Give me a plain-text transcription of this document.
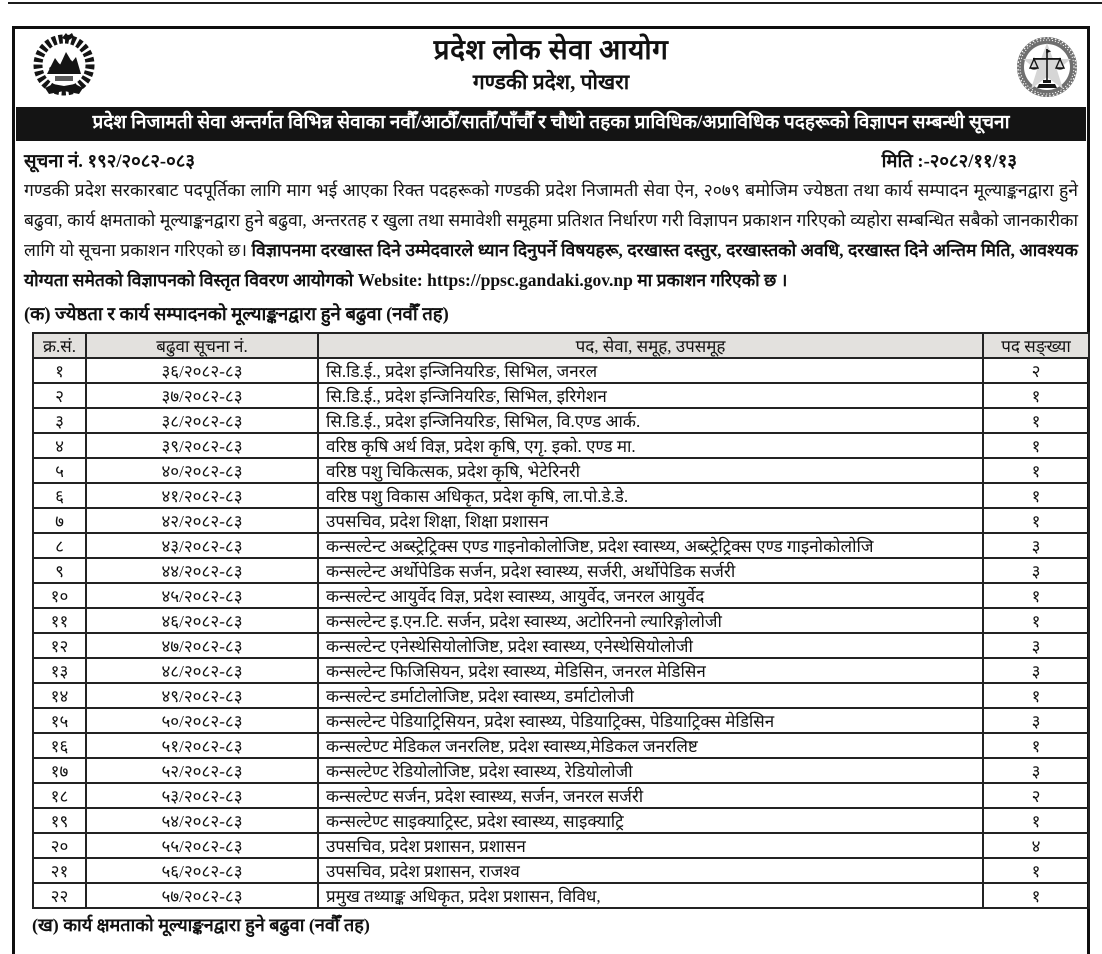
प्रदेश लोक सेवा आयोग
गण्डकी प्रदेश, पोखरा
प्रदेश निजामती सेवा अन्तर्गत विभिन्न सेवाका नवौँ/आठौँ/सातौँ/पाँचौँ र चौथो तहका प्राविधिक/अप्राविधिक पदहरूको विज्ञापन सम्बन्धी सूचना
सूचना नं. १९२/२०८२-०८३	मिति :-२०८२/११/१३
गण्डकी प्रदेश सरकारबाट पदपूर्तिका लागि माग भई आएका रिक्त पदहरूको गण्डकी प्रदेश निजामती सेवा ऐन, २०७९ बमोजिम ज्येष्ठता तथा कार्य सम्पादन मूल्याङ्कनद्वारा हुने बढुवा, कार्य क्षमताको मूल्याङ्कनद्वारा हुने बढुवा, अन्तरतह र खुला तथा समावेशी समूहमा प्रतिशत निर्धारण गरी विज्ञापन प्रकाशन गरिएको व्यहोरा सम्बन्धित सबैको जानकारीका लागि यो सूचना प्रकाशन गरिएको छ। विज्ञापनमा दरखास्त दिने उम्मेदवारले ध्यान दिनुपर्ने विषयहरू, दरखास्त दस्तुर, दरखास्तको अवधि, दरखास्त दिने अन्तिम मिति, आवश्यक योग्यता समेतको विज्ञापनको विस्तृत विवरण आयोगको Website: https://ppsc.gandaki.gov.np मा प्रकाशन गरिएको छ ।
(क) ज्येष्ठता र कार्य सम्पादनको मूल्याङ्कनद्वारा हुने बढुवा (नवौँ तह)
क्र.सं.	बढुवा सूचना नं.	पद, सेवा, समूह, उपसमूह	पद सङ्ख्या
१	३६/२०८२-८३	सि.डि.ई., प्रदेश इन्जिनियरिङ, सिभिल, जनरल	२
२	३७/२०८२-८३	सि.डि.ई., प्रदेश इन्जिनियरिङ, सिभिल, इरिगेशन	१
३	३८/२०८२-८३	सि.डि.ई., प्रदेश इन्जिनियरिङ, सिभिल, वि.एण्ड आर्क.	१
४	३९/२०८२-८३	वरिष्ठ कृषि अर्थ विज्ञ, प्रदेश कृषि, एगृ. इको. एण्ड मा.	१
५	४०/२०८२-८३	वरिष्ठ पशु चिकित्सक, प्रदेश कृषि, भेटेरिनरी	१
६	४१/२०८२-८३	वरिष्ठ पशु विकास अधिकृत, प्रदेश कृषि, ला.पो.डे.डे.	१
७	४२/२०८२-८३	उपसचिव, प्रदेश शिक्षा, शिक्षा प्रशासन	१
८	४३/२०८२-८३	कन्सल्टेन्ट अब्स्ट्रेट्रिक्स एण्ड गाइनोकोलोजिष्ट, प्रदेश स्वास्थ्य, अब्स्ट्रेट्रिक्स एण्ड गाइनोकोलोजि	३
९	४४/२०८२-८३	कन्सल्टेन्ट अर्थोपेडिक सर्जन, प्रदेश स्वास्थ्य, सर्जरी, अर्थोपेडिक सर्जरी	३
१०	४५/२०८२-८३	कन्सल्टेन्ट आयुर्वेद विज्ञ, प्रदेश स्वास्थ्य, आयुर्वेद, जनरल आयुर्वेद	१
११	४६/२०८२-८३	कन्सल्टेन्ट इ.एन.टि. सर्जन, प्रदेश स्वास्थ्य, अटोरिननो ल्यारिङ्गोलोजी	१
१२	४७/२०८२-८३	कन्सल्टेन्ट एनेस्थेसियोलोजिष्ट, प्रदेश स्वास्थ्य, एनेस्थेसियोलोजी	३
१३	४८/२०८२-८३	कन्सल्टेन्ट फिजिसियन, प्रदेश स्वास्थ्य, मेडिसिन, जनरल मेडिसिन	३
१४	४९/२०८२-८३	कन्सल्टेन्ट डर्माटोलोजिष्ट, प्रदेश स्वास्थ्य, डर्माटोलोजी	१
१५	५०/२०८२-८३	कन्सल्टेन्ट पेडियाट्रिसियन, प्रदेश स्वास्थ्य, पेडियाट्रिक्स, पेडियाट्रिक्स मेडिसिन	३
१६	५१/२०८२-८३	कन्सल्टेण्ट मेडिकल जनरलिष्ट, प्रदेश स्वास्थ्य,मेडिकल जनरलिष्ट	१
१७	५२/२०८२-८३	कन्सल्टेण्ट रेडियोलोजिष्ट, प्रदेश स्वास्थ्य, रेडियोलोजी	३
१८	५३/२०८२-८३	कन्सल्टेण्ट सर्जन, प्रदेश स्वास्थ्य, सर्जन, जनरल सर्जरी	२
१९	५४/२०८२-८३	कन्सल्टेण्ट साइक्याट्रिस्ट, प्रदेश स्वास्थ्य, साइक्याट्रि	१
२०	५५/२०८२-८३	उपसचिव, प्रदेश प्रशासन, प्रशासन	४
२१	५६/२०८२-८३	उपसचिव, प्रदेश प्रशासन, राजश्व	१
२२	५७/२०८२-८३	प्रमुख तथ्याङ्क अधिकृत, प्रदेश प्रशासन, विविध,	१
(ख) कार्य क्षमताको मूल्याङ्कनद्वारा हुने बढुवा (नवौँ तह)
